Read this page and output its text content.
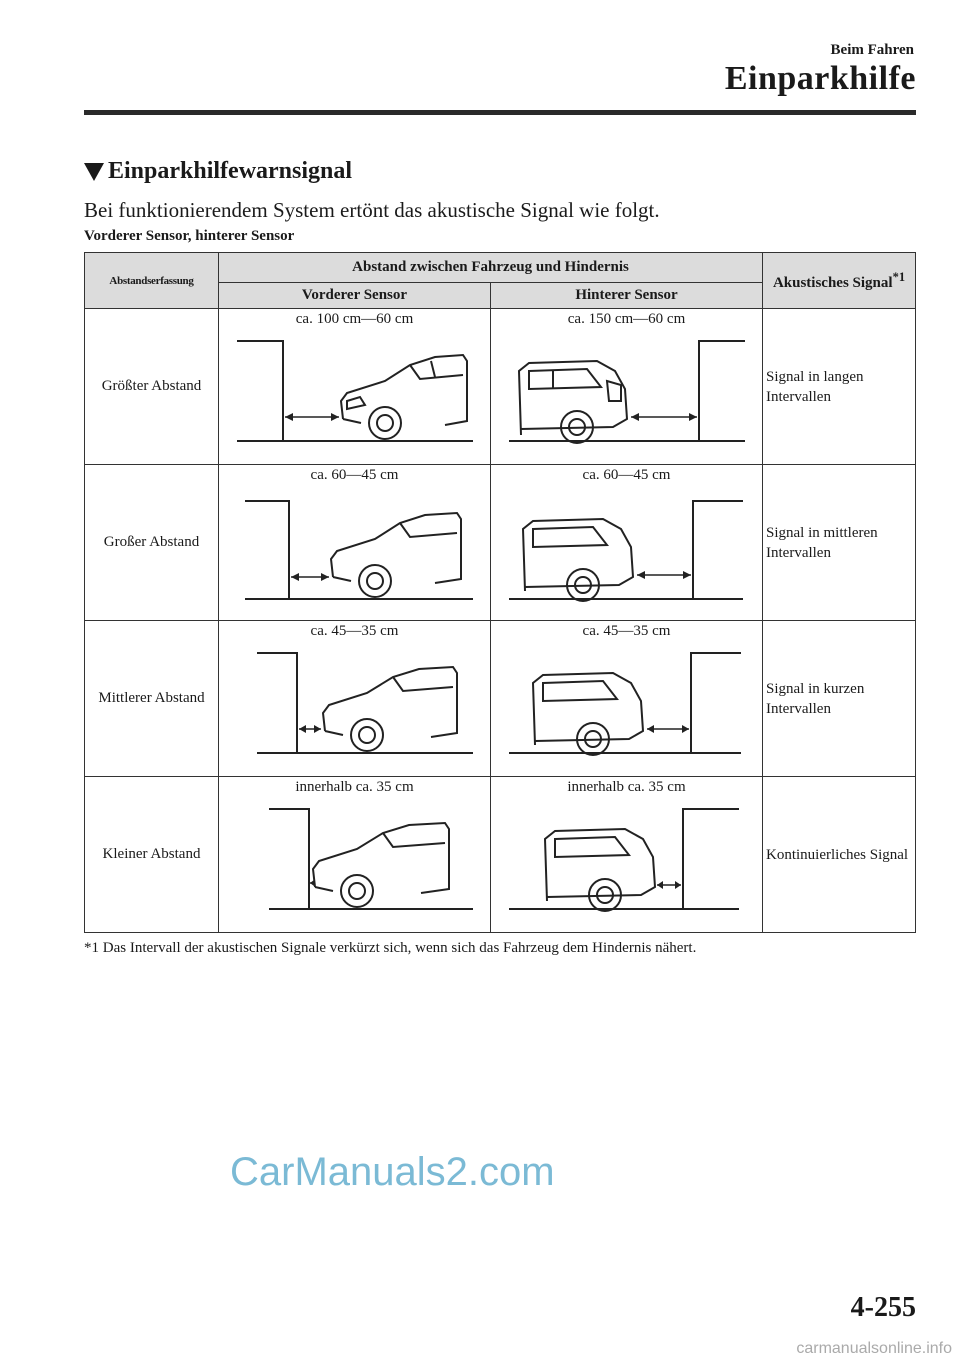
Beim Fahren
Einparkhilfe
Einparkhilfewarnsignal
Bei funktionierendem System ertönt das akustische Signal wie folgt.
Vorderer Sensor, hinterer Sensor
Abstandserfassung	Abstand zwischen Fahrzeug und Hindernis		Akustisches Signal$^{*1}$
	Vorderer Sensor	Hinterer Sensor	
Größter Abstand	ca. 100 cm―60 cm	ca. 150 cm―60 cm	Signal in langen Intervallen
Großer Abstand	ca. 60―45 cm	ca. 60―45 cm	Signal in mittleren Intervallen
Mittlerer Abstand	ca. 45―35 cm	ca. 45―35 cm	Signal in kurzen Intervallen
Kleiner Abstand	innerhalb ca. 35 cm	innerhalb ca. 35 cm	Kontinuierliches Signal
*1 Das Intervall der akustischen Signale verkürzt sich, wenn sich das Fahrzeug dem Hindernis nähert.
CarManuals2.com
4-255
carmanualsonline.info
